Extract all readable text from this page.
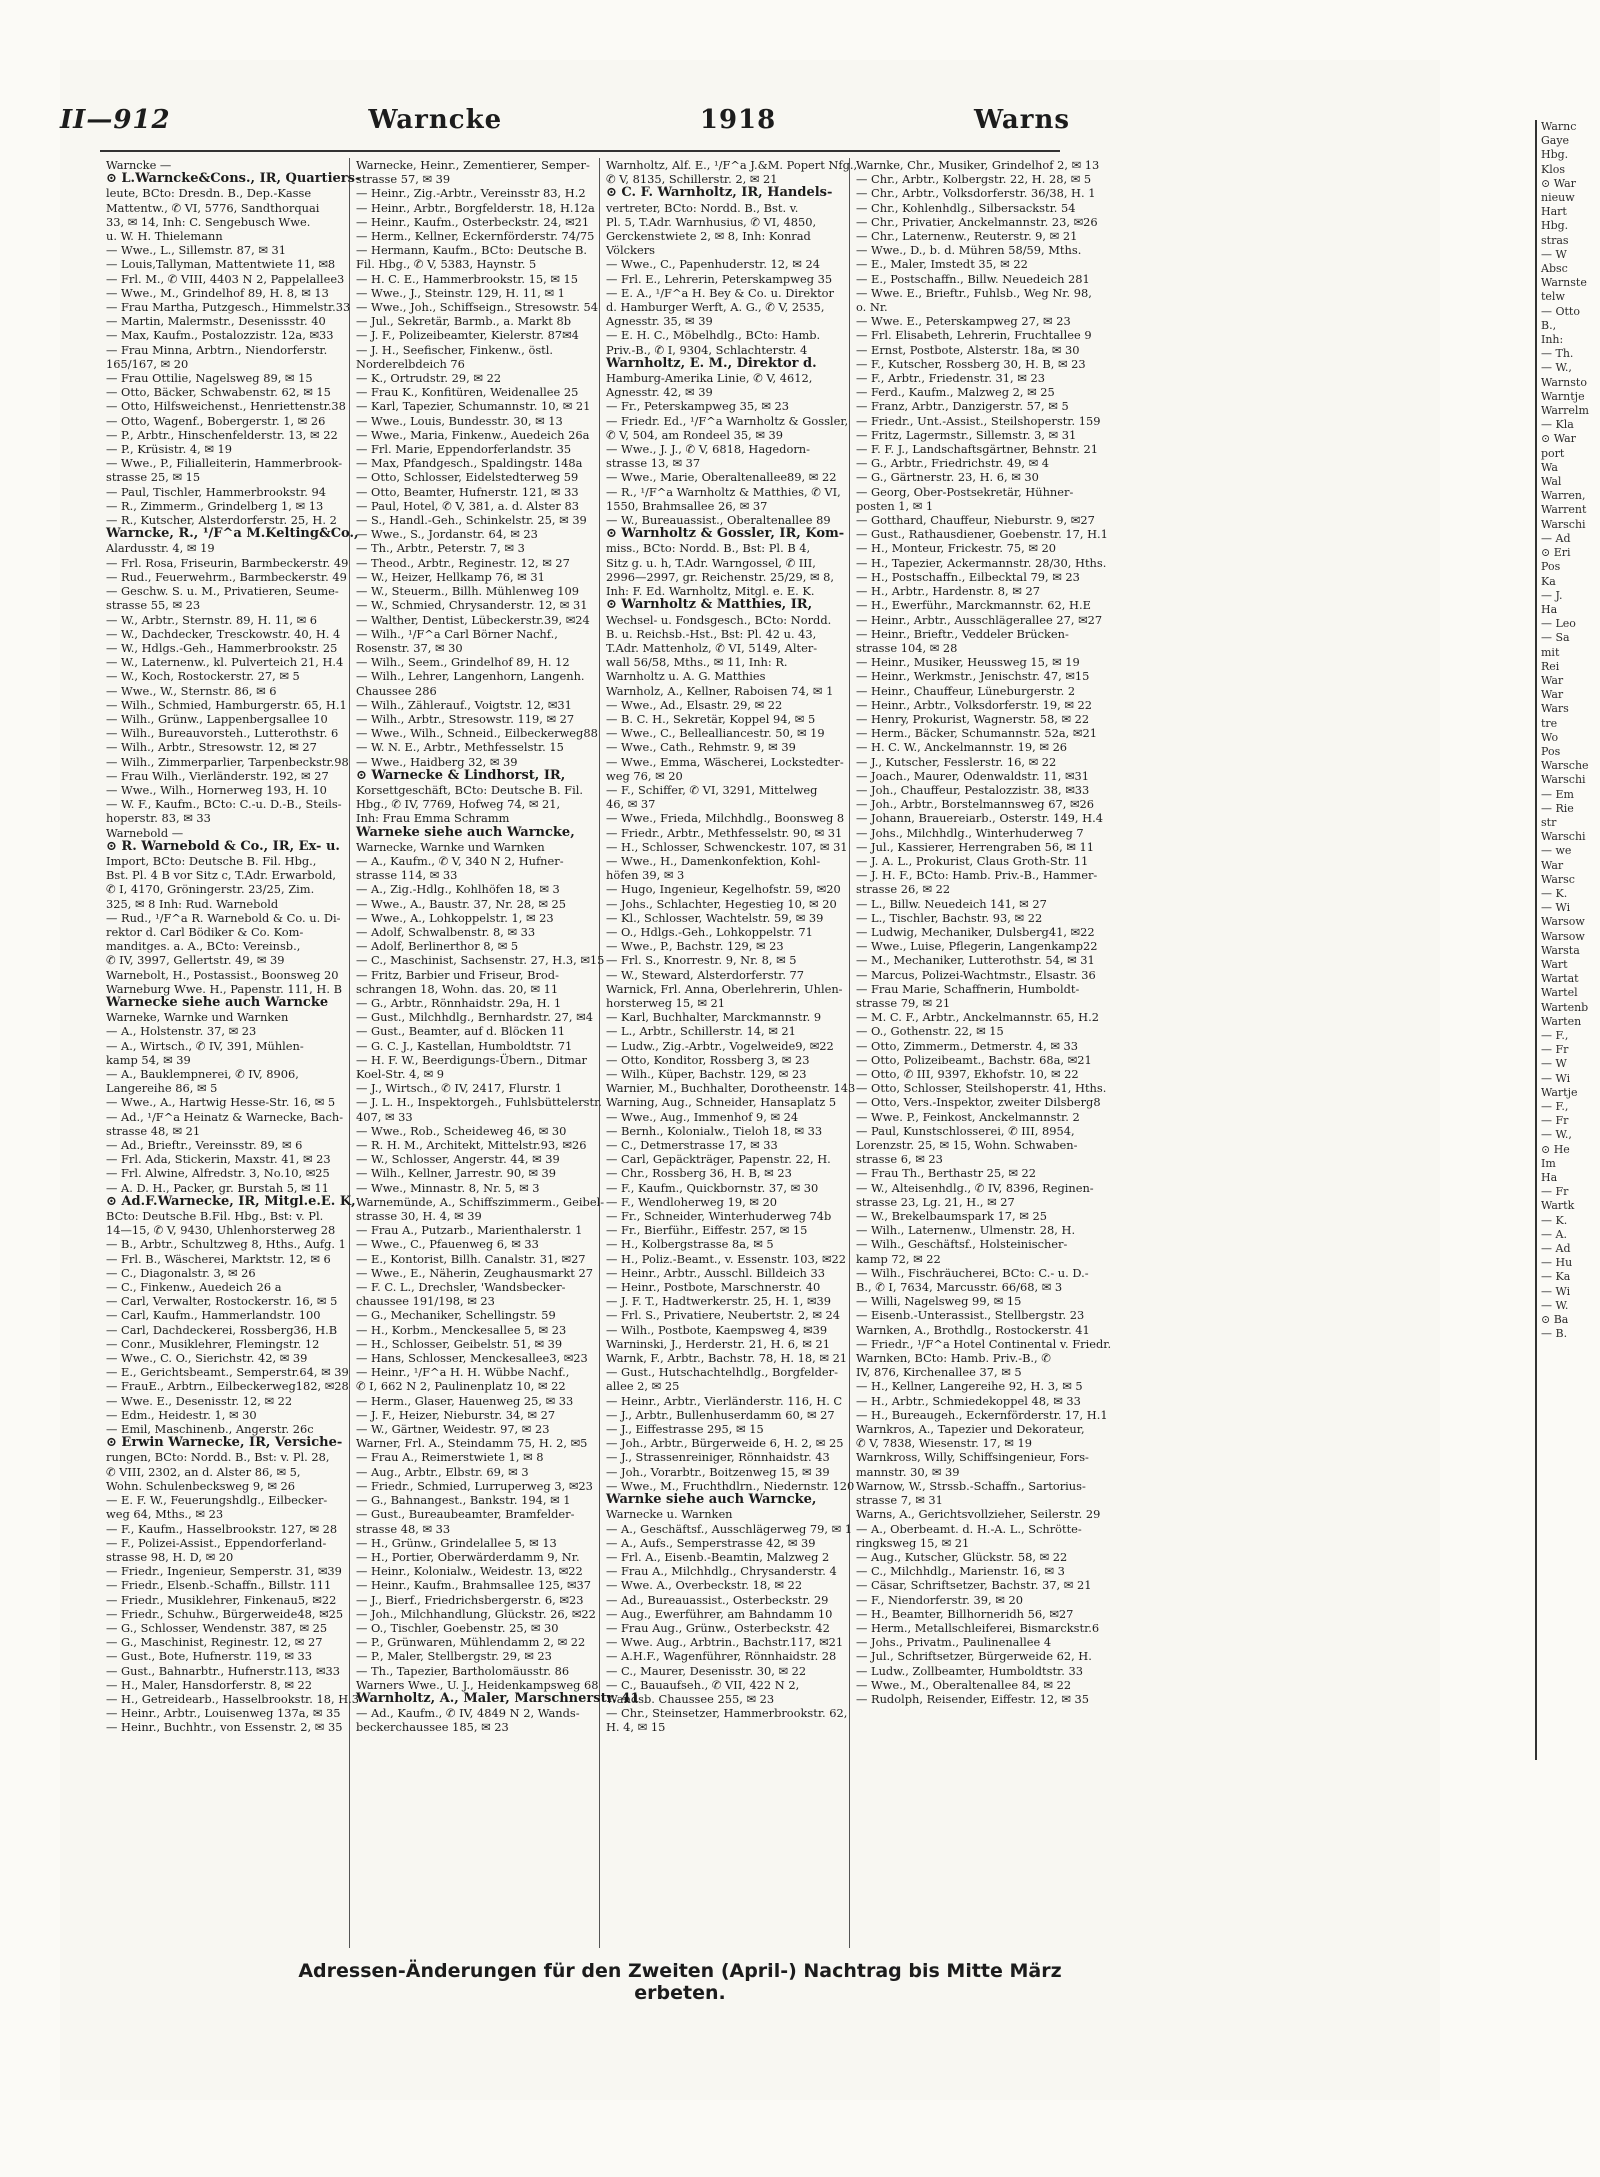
II—912	Warncke	1918	Warns
Warncke —
⊙ L.Warncke&Cons., IR, Quartiers-
leute, BCto: Dresdn. B., Dep.-Kasse
Mattentw., ✆ VI, 5776, Sandthorquai
33, ✉ 14, Inh: C. Sengebusch Wwe.
u. W. H. Thielemann
— Wwe., L., Sillemstr. 87, ✉ 31
— Louis,Tallyman, Mattentwiete 11, ✉8
— Frl. M., ✆ VIII, 4403 N 2, Pappelallee3
— Wwe., M., Grindelhof 89, H. 8, ✉ 13
— Frau Martha, Putzgesch., Himmelstr.33
— Martin, Malermstr., Desenissstr. 40
— Max, Kaufm., Postalozzistr. 12a, ✉33
— Frau Minna, Arbtrn., Niendorferstr.
165/167, ✉ 20
— Frau Ottilie, Nagelsweg 89, ✉ 15
— Otto, Bäcker, Schwabenstr. 62, ✉ 15
— Otto, Hilfsweichenst., Henriettenstr.38
— Otto, Wagenf., Bobergerstr. 1, ✉ 26
— P., Arbtr., Hinschenfelderstr. 13, ✉ 22
— P., Krüsistr. 4, ✉ 19
— Wwe., P., Filialleiterin, Hammerbrook-
strasse 25, ✉ 15
— Paul, Tischler, Hammerbrookstr. 94
— R., Zimmerm., Grindelberg 1, ✉ 13
— R., Kutscher, Alsterdorferstr. 25, H. 2
Warncke, R., ¹/F^a M.Kelting&Co.,
Alardusstr. 4, ✉ 19
— Frl. Rosa, Friseurin, Barmbeckerstr. 49
— Rud., Feuerwehrm., Barmbeckerstr. 49
— Geschw. S. u. M., Privatieren, Seume-
strasse 55, ✉ 23
— W., Arbtr., Sternstr. 89, H. 11, ✉ 6
— W., Dachdecker, Tresckowstr. 40, H. 4
— W., Hdlgs.-Geh., Hammerbrookstr. 25
— W., Laternenw., kl. Pulverteich 21, H.4
— W., Koch, Rostockerstr. 27, ✉ 5
— Wwe., W., Sternstr. 86, ✉ 6
— Wilh., Schmied, Hamburgerstr. 65, H.1
— Wilh., Grünw., Lappenbergsallee 10
— Wilh., Bureauvorsteh., Lutterothstr. 6
— Wilh., Arbtr., Stresowstr. 12, ✉ 27
— Wilh., Zimmerparlier, Tarpenbeckstr.98
— Frau Wilh., Vierländerstr. 192, ✉ 27
— Wwe., Wilh., Hornerweg 193, H. 10
— W. F., Kaufm., BCto: C.-u. D.-B., Steils-
hoperstr. 83, ✉ 33
Warnebold —
⊙ R. Warnebold & Co., IR, Ex- u.
Import, BCto: Deutsche B. Fil. Hbg.,
Bst. Pl. 4 B vor Sitz c, T.Adr. Erwarbold,
✆ I, 4170, Gröningerstr. 23/25, Zim.
325, ✉ 8 Inh: Rud. Warnebold
— Rud., ¹/F^a R. Warnebold & Co. u. Di-
rektor d. Carl Bödiker & Co. Kom-
manditges. a. A., BCto: Vereinsb.,
✆ IV, 3997, Gellertstr. 49, ✉ 39
Warnebolt, H., Postassist., Boonsweg 20
Warneburg Wwe. H., Papenstr. 111, H. B
Warnecke siehe auch Warncke
Warneke, Warnke und Warnken
— A., Holstenstr. 37, ✉ 23
— A., Wirtsch., ✆ IV, 391, Mühlen-
kamp 54, ✉ 39
— A., Bauklempnerei, ✆ IV, 8906,
Langereihe 86, ✉ 5
— Wwe., A., Hartwig Hesse-Str. 16, ✉ 5
— Ad., ¹/F^a Heinatz & Warnecke, Bach-
strasse 48, ✉ 21
— Ad., Brieftr., Vereinsstr. 89, ✉ 6
— Frl. Ada, Stickerin, Maxstr. 41, ✉ 23
— Frl. Alwine, Alfredstr. 3, No.10, ✉25
— A. D. H., Packer, gr. Burstah 5, ✉ 11
⊙ Ad.F.Warnecke, IR, Mitgl.e.E. K,
BCto: Deutsche B.Fil. Hbg., Bst: v. Pl.
14—15, ✆ V, 9430, Uhlenhorsterweg 28
— B., Arbtr., Schultzweg 8, Hths., Aufg. 1
— Frl. B., Wäscherei, Marktstr. 12, ✉ 6
— C., Diagonalstr. 3, ✉ 26
— C., Finkenw., Auedeich 26 a
— Carl, Verwalter, Rostockerstr. 16, ✉ 5
— Carl, Kaufm., Hammerlandstr. 100
— Carl, Dachdeckerei, Rossberg36, H.B
— Conr., Musiklehrer, Flemingstr. 12
— Wwe., C. O., Sierichstr. 42, ✉ 39
— E., Gerichtsbeamt., Semperstr.64, ✉ 39
— FrauE., Arbtrn., Eilbeckerweg182, ✉28
— Wwe. E., Desenisstr. 12, ✉ 22
— Edm., Heidestr. 1, ✉ 30
— Emil, Maschinenb., Angerstr. 26c
⊙ Erwin Warnecke, IR, Versiche-
rungen, BCto: Nordd. B., Bst: v. Pl. 28,
✆ VIII, 2302, an d. Alster 86, ✉ 5,
Wohn. Schulenbecksweg 9, ✉ 26
— E. F. W., Feuerungshdlg., Eilbecker-
weg 64, Mths., ✉ 23
— F., Kaufm., Hasselbrookstr. 127, ✉ 28
— F., Polizei-Assist., Eppendorferland-
strasse 98, H. D, ✉ 20
— Friedr., Ingenieur, Semperstr. 31, ✉39
— Friedr., Elsenb.-Schaffn., Billstr. 111
— Friedr., Musiklehrer, Finkenau5, ✉22
— Friedr., Schuhw., Bürgerweide48, ✉25
— G., Schlosser, Wendenstr. 387, ✉ 25
— G., Maschinist, Reginestr. 12, ✉ 27
— Gust., Bote, Hufnerstr. 119, ✉ 33
— Gust., Bahnarbtr., Hufnerstr.113, ✉33
— H., Maler, Hansdorferstr. 8, ✉ 22
— H., Getreidearb., Hasselbrookstr. 18, H.3
— Heinr., Arbtr., Louisenweg 137a, ✉ 35
— Heinr., Buchhtr., von Essenstr. 2, ✉ 35
Warnecke, Heinr., Zementierer, Semper-
strasse 57, ✉ 39
— Heinr., Zig.-Arbtr., Vereinsstr 83, H.2
— Heinr., Arbtr., Borgfelderstr. 18, H.12a
— Heinr., Kaufm., Osterbeckstr. 24, ✉21
— Herm., Kellner, Eckernförderstr. 74/75
— Hermann, Kaufm., BCto: Deutsche B.
Fil. Hbg., ✆ V, 5383, Haynstr. 5
— H. C. E., Hammerbrookstr. 15, ✉ 15
— Wwe., J., Steinstr. 129, H. 11, ✉ 1
— Wwe., Joh., Schiffseign., Stresowstr. 54
— Jul., Sekretär, Barmb., a. Markt 8b
— J. F., Polizeibeamter, Kielerstr. 87✉4
— J. H., Seefischer, Finkenw., östl.
Norderelbdeich 76
— K., Ortrudstr. 29, ✉ 22
— Frau K., Konfitüren, Weidenallee 25
— Karl, Tapezier, Schumannstr. 10, ✉ 21
— Wwe., Louis, Bundesstr. 30, ✉ 13
— Wwe., Maria, Finkenw., Auedeich 26a
— Frl. Marie, Eppendorferlandstr. 35
— Max, Pfandgesch., Spaldingstr. 148a
— Otto, Schlosser, Eidelstedterweg 59
— Otto, Beamter, Hufnerstr. 121, ✉ 33
— Paul, Hotel, ✆ V, 381, a. d. Alster 83
— S., Handl.-Geh., Schinkelstr. 25, ✉ 39
— Wwe., S., Jordanstr. 64, ✉ 23
— Th., Arbtr., Peterstr. 7, ✉ 3
— Theod., Arbtr., Reginestr. 12, ✉ 27
— W., Heizer, Hellkamp 76, ✉ 31
— W., Steuerm., Billh. Mühlenweg 109
— W., Schmied, Chrysanderstr. 12, ✉ 31
— Walther, Dentist, Lübeckerstr.39, ✉24
— Wilh., ¹/F^a Carl Börner Nachf.,
Rosenstr. 37, ✉ 30
— Wilh., Seem., Grindelhof 89, H. 12
— Wilh., Lehrer, Langenhorn, Langenh.
Chaussee 286
— Wilh., Zählerauf., Voigtstr. 12, ✉31
— Wilh., Arbtr., Stresowstr. 119, ✉ 27
— Wwe., Wilh., Schneid., Eilbeckerweg88
— W. N. E., Arbtr., Methfesselstr. 15
— Wwe., Haidberg 32, ✉ 39
⊙ Warnecke & Lindhorst, IR,
Korsettgeschäft, BCto: Deutsche B. Fil.
Hbg., ✆ IV, 7769, Hofweg 74, ✉ 21,
Inh: Frau Emma Schramm
Warneke siehe auch Warncke,
Warnecke, Warnke und Warnken
— A., Kaufm., ✆ V, 340 N 2, Hufner-
strasse 114, ✉ 33
— A., Zig.-Hdlg., Kohlhöfen 18, ✉ 3
— Wwe., A., Baustr. 37, Nr. 28, ✉ 25
— Wwe., A., Lohkoppelstr. 1, ✉ 23
— Adolf, Schwalbenstr. 8, ✉ 33
— Adolf, Berlinerthor 8, ✉ 5
— C., Maschinist, Sachsenstr. 27, H.3, ✉15
— Fritz, Barbier und Friseur, Brod-
schrangen 18, Wohn. das. 20, ✉ 11
— G., Arbtr., Rönnhaidstr. 29a, H. 1
— Gust., Milchhdlg., Bernhardstr. 27, ✉4
— Gust., Beamter, auf d. Blöcken 11
— G. C. J., Kastellan, Humboldtstr. 71
— H. F. W., Beerdigungs-Übern., Ditmar
Koel-Str. 4, ✉ 9
— J., Wirtsch., ✆ IV, 2417, Flurstr. 1
— J. L. H., Inspektorgeh., Fuhlsbüttelerstr.
407, ✉ 33
— Wwe., Rob., Scheideweg 46, ✉ 30
— R. H. M., Architekt, Mittelstr.93, ✉26
— W., Schlosser, Angerstr. 44, ✉ 39
— Wilh., Kellner, Jarrestr. 90, ✉ 39
— Wwe., Minnastr. 8, Nr. 5, ✉ 3
Warnemünde, A., Schiffszimmerm., Geibel-
strasse 30, H. 4, ✉ 39
— Frau A., Putzarb., Marienthalerstr. 1
— Wwe., C., Pfauenweg 6, ✉ 33
— E., Kontorist, Billh. Canalstr. 31, ✉27
— Wwe., E., Näherin, Zeughausmarkt 27
— F. C. L., Drechsler, 'Wandsbecker-
chaussee 191/198, ✉ 23
— G., Mechaniker, Schellingstr. 59
— H., Korbm., Menckesallee 5, ✉ 23
— H., Schlosser, Geibelstr. 51, ✉ 39
— Hans, Schlosser, Menckesallee3, ✉23
— Heinr., ¹/F^a H. H. Wübbe Nachf.,
✆ I, 662 N 2, Paulinenplatz 10, ✉ 22
— Herm., Glaser, Hauenweg 25, ✉ 33
— J. F., Heizer, Nieburstr. 34, ✉ 27
— W., Gärtner, Weidestr. 97, ✉ 23
Warner, Frl. A., Steindamm 75, H. 2, ✉5
— Frau A., Reimerstwiete 1, ✉ 8
— Aug., Arbtr., Elbstr. 69, ✉ 3
— Friedr., Schmied, Lurruperweg 3, ✉23
— G., Bahnangest., Bankstr. 194, ✉ 1
— Gust., Bureaubeamter, Bramfelder-
strasse 48, ✉ 33
— H., Grünw., Grindelallee 5, ✉ 13
— H., Portier, Oberwärderdamm 9, Nr.
— Heinr., Kolonialw., Weidestr. 13, ✉22
— Heinr., Kaufm., Brahmsallee 125, ✉37
— J., Bierf., Friedrichsbergerstr. 6, ✉23
— Joh., Milchhandlung, Glückstr. 26, ✉22
— O., Tischler, Goebenstr. 25, ✉ 30
— P., Grünwaren, Mühlendamm 2, ✉ 22
— P., Maler, Stellbergstr. 29, ✉ 23
— Th., Tapezier, Bartholomäusstr. 86
Warners Wwe., U. J., Heidenkampsweg 68
Warnholtz, A., Maler, Marschnerstr. 41
— Ad., Kaufm., ✆ IV, 4849 N 2, Wands-
beckerchaussee 185, ✉ 23
Warnholtz, Alf. E., ¹/F^a J.&M. Popert Nfg.,
✆ V, 8135, Schillerstr. 2, ✉ 21
⊙ C. F. Warnholtz, IR, Handels-
vertreter, BCto: Nordd. B., Bst. v.
Pl. 5, T.Adr. Warnhusius, ✆ VI, 4850,
Gerckenstwiete 2, ✉ 8, Inh: Konrad
Völckers
— Wwe., C., Papenhuderstr. 12, ✉ 24
— Frl. E., Lehrerin, Peterskampweg 35
— E. A., ¹/F^a H. Bey & Co. u. Direktor
d. Hamburger Werft, A. G., ✆ V, 2535,
Agnesstr. 35, ✉ 39
— E. H. C., Möbelhdlg., BCto: Hamb.
Priv.-B., ✆ I, 9304, Schlachterstr. 4
Warnholtz, E. M., Direktor d.
Hamburg-Amerika Linie, ✆ V, 4612,
Agnesstr. 42, ✉ 39
— Fr., Peterskampweg 35, ✉ 23
— Friedr. Ed., ¹/F^a Warnholtz & Gossler,
✆ V, 504, am Rondeel 35, ✉ 39
— Wwe., J. J., ✆ V, 6818, Hagedorn-
strasse 13, ✉ 37
— Wwe., Marie, Oberaltenallee89, ✉ 22
— R., ¹/F^a Warnholtz & Matthies, ✆ VI,
1550, Brahmsallee 26, ✉ 37
— W., Bureauassist., Oberaltenallee 89
⊙ Warnholtz & Gossler, IR, Kom-
miss., BCto: Nordd. B., Bst: Pl. B 4,
Sitz g. u. h, T.Adr. Warngossel, ✆ III,
2996—2997, gr. Reichenstr. 25/29, ✉ 8,
Inh: F. Ed. Warnholtz, Mitgl. e. E. K.
⊙ Warnholtz & Matthies, IR,
Wechsel- u. Fondsgesch., BCto: Nordd.
B. u. Reichsb.-Hst., Bst: Pl. 42 u. 43,
T.Adr. Mattenholz, ✆ VI, 5149, Alter-
wall 56/58, Mths., ✉ 11, Inh: R.
Warnholtz u. A. G. Matthies
Warnholz, A., Kellner, Raboisen 74, ✉ 1
— Wwe., Ad., Elsastr. 29, ✉ 22
— B. C. H., Sekretär, Koppel 94, ✉ 5
— Wwe., C., Bellealliancestr. 50, ✉ 19
— Wwe., Cath., Rehmstr. 9, ✉ 39
— Wwe., Emma, Wäscherei, Lockstedter-
weg 76, ✉ 20
— F., Schiffer, ✆ VI, 3291, Mittelweg
46, ✉ 37
— Wwe., Frieda, Milchhdlg., Boonsweg 8
— Friedr., Arbtr., Methfesselstr. 90, ✉ 31
— H., Schlosser, Schwenckestr. 107, ✉ 31
— Wwe., H., Damenkonfektion, Kohl-
höfen 39, ✉ 3
— Hugo, Ingenieur, Kegelhofstr. 59, ✉20
— Johs., Schlachter, Hegestieg 10, ✉ 20
— Kl., Schlosser, Wachtelstr. 59, ✉ 39
— O., Hdlgs.-Geh., Lohkoppelstr. 71
— Wwe., P., Bachstr. 129, ✉ 23
— Frl. S., Knorrestr. 9, Nr. 8, ✉ 5
— W., Steward, Alsterdorferstr. 77
Warnick, Frl. Anna, Oberlehrerin, Uhlen-
horsterweg 15, ✉ 21
— Karl, Buchhalter, Marckmannstr. 9
— L., Arbtr., Schillerstr. 14, ✉ 21
— Ludw., Zig.-Arbtr., Vogelweide9, ✉22
— Otto, Konditor, Rossberg 3, ✉ 23
— Wilh., Küper, Bachstr. 129, ✉ 23
Warnier, M., Buchhalter, Dorotheenstr. 143
Warning, Aug., Schneider, Hansaplatz 5
— Wwe., Aug., Immenhof 9, ✉ 24
— Bernh., Kolonialw., Tieloh 18, ✉ 33
— C., Detmerstrasse 17, ✉ 33
— Carl, Gepäckträger, Papenstr. 22, H.
— Chr., Rossberg 36, H. B, ✉ 23
— F., Kaufm., Quickbornstr. 37, ✉ 30
— F., Wendloherweg 19, ✉ 20
— Fr., Schneider, Winterhuderweg 74b
— Fr., Bierführ., Eiffestr. 257, ✉ 15
— H., Kolbergstrasse 8a, ✉ 5
— H., Poliz.-Beamt., v. Essenstr. 103, ✉22
— Heinr., Arbtr., Ausschl. Billdeich 33
— Heinr., Postbote, Marschnerstr. 40
— J. F. T., Hadtwerkerstr. 25, H. 1, ✉39
— Frl. S., Privatiere, Neubertstr. 2, ✉ 24
— Wilh., Postbote, Kaempsweg 4, ✉39
Warninski, J., Herderstr. 21, H. 6, ✉ 21
Warnk, F., Arbtr., Bachstr. 78, H. 18, ✉ 21
— Gust., Hutschachtelhdlg., Borgfelder-
allee 2, ✉ 25
— Heinr., Arbtr., Vierländerstr. 116, H. C
— J., Arbtr., Bullenhuserdamm 60, ✉ 27
— J., Eiffestrasse 295, ✉ 15
— Joh., Arbtr., Bürgerweide 6, H. 2, ✉ 25
— J., Strassenreiniger, Rönnhaidstr. 43
— Joh., Vorarbtr., Boitzenweg 15, ✉ 39
— Wwe., M., Fruchthdlrn., Niedernstr. 120
Warnke siehe auch Warncke,
Warnecke u. Warnken
— A., Geschäftsf., Ausschlägerweg 79, ✉ 1
— A., Aufs., Semperstrasse 42, ✉ 39
— Frl. A., Eisenb.-Beamtin, Malzweg 2
— Frau A., Milchhdlg., Chrysanderstr. 4
— Wwe. A., Overbeckstr. 18, ✉ 22
— Ad., Bureauassist., Osterbeckstr. 29
— Aug., Ewerführer, am Bahndamm 10
— Frau Aug., Grünw., Osterbeckstr. 42
— Wwe. Aug., Arbtrin., Bachstr.117, ✉21
— A.H.F., Wagenführer, Rönnhaidstr. 28
— C., Maurer, Desenisstr. 30, ✉ 22
— C., Bauaufseh., ✆ VII, 422 N 2,
Wandsb. Chaussee 255, ✉ 23
— Chr., Steinsetzer, Hammerbrookstr. 62,
H. 4, ✉ 15
Warnke, Chr., Musiker, Grindelhof 2, ✉ 13
— Chr., Arbtr., Kolbergstr. 22, H. 28, ✉ 5
— Chr., Arbtr., Volksdorferstr. 36/38, H. 1
— Chr., Kohlenhdlg., Silbersackstr. 54
— Chr., Privatier, Anckelmannstr. 23, ✉26
— Chr., Laternenw., Reuterstr. 9, ✉ 21
— Wwe., D., b. d. Mühren 58/59, Mths.
— E., Maler, Imstedt 35, ✉ 22
— E., Postschaffn., Billw. Neuedeich 281
— Wwe. E., Brieftr., Fuhlsb., Weg Nr. 98,
o. Nr.
— Wwe. E., Peterskampweg 27, ✉ 23
— Frl. Elisabeth, Lehrerin, Fruchtallee 9
— Ernst, Postbote, Alsterstr. 18a, ✉ 30
— F., Kutscher, Rossberg 30, H. B, ✉ 23
— F., Arbtr., Friedenstr. 31, ✉ 23
— Ferd., Kaufm., Malzweg 2, ✉ 25
— Franz, Arbtr., Danzigerstr. 57, ✉ 5
— Friedr., Unt.-Assist., Steilshoperstr. 159
— Fritz, Lagermstr., Sillemstr. 3, ✉ 31
— F. F. J., Landschaftsgärtner, Behnstr. 21
— G., Arbtr., Friedrichstr. 49, ✉ 4
— G., Gärtnerstr. 23, H. 6, ✉ 30
— Georg, Ober-Postsekretär, Hühner-
posten 1, ✉ 1
— Gotthard, Chauffeur, Nieburstr. 9, ✉27
— Gust., Rathausdiener, Goebenstr. 17, H.1
— H., Monteur, Frickestr. 75, ✉ 20
— H., Tapezier, Ackermannstr. 28/30, Hths.
— H., Postschaffn., Eilbecktal 79, ✉ 23
— H., Arbtr., Hardenstr. 8, ✉ 27
— H., Ewerführ., Marckmannstr. 62, H.E
— Heinr., Arbtr., Ausschlägerallee 27, ✉27
— Heinr., Brieftr., Veddeler Brücken-
strasse 104, ✉ 28
— Heinr., Musiker, Heussweg 15, ✉ 19
— Heinr., Werkmstr., Jenischstr. 47, ✉15
— Heinr., Chauffeur, Lüneburgerstr. 2
— Heinr., Arbtr., Volksdorferstr. 19, ✉ 22
— Henry, Prokurist, Wagnerstr. 58, ✉ 22
— Herm., Bäcker, Schumannstr. 52a, ✉21
— H. C. W., Anckelmannstr. 19, ✉ 26
— J., Kutscher, Fesslerstr. 16, ✉ 22
— Joach., Maurer, Odenwaldstr. 11, ✉31
— Joh., Chauffeur, Pestalozzistr. 38, ✉33
— Joh., Arbtr., Borstelmannsweg 67, ✉26
— Johann, Brauereiarb., Osterstr. 149, H.4
— Johs., Milchhdlg., Winterhuderweg 7
— Jul., Kassierer, Herrengraben 56, ✉ 11
— J. A. L., Prokurist, Claus Groth-Str. 11
— J. H. F., BCto: Hamb. Priv.-B., Hammer-
strasse 26, ✉ 22
— L., Billw. Neuedeich 141, ✉ 27
— L., Tischler, Bachstr. 93, ✉ 22
— Ludwig, Mechaniker, Dulsberg41, ✉22
— Wwe., Luise, Pflegerin, Langenkamp22
— M., Mechaniker, Lutterothstr. 54, ✉ 31
— Marcus, Polizei-Wachtmstr., Elsastr. 36
— Frau Marie, Schaffnerin, Humboldt-
strasse 79, ✉ 21
— M. C. F., Arbtr., Anckelmannstr. 65, H.2
— O., Gothenstr. 22, ✉ 15
— Otto, Zimmerm., Detmerstr. 4, ✉ 33
— Otto, Polizeibeamt., Bachstr. 68a, ✉21
— Otto, ✆ III, 9397, Ekhofstr. 10, ✉ 22
— Otto, Schlosser, Steilshoperstr. 41, Hths.
— Otto, Vers.-Inspektor, zweiter Dilsberg8
— Wwe. P., Feinkost, Anckelmannstr. 2
— Paul, Kunstschlosserei, ✆ III, 8954,
Lorenzstr. 25, ✉ 15, Wohn. Schwaben-
strasse 6, ✉ 23
— Frau Th., Berthastr 25, ✉ 22
— W., Alteisenhdlg., ✆ IV, 8396, Reginen-
strasse 23, Lg. 21, H., ✉ 27
— W., Brekelbaumspark 17, ✉ 25
— Wilh., Laternenw., Ulmenstr. 28, H.
— Wilh., Geschäftsf., Holsteinischer-
kamp 72, ✉ 22
— Wilh., Fischräucherei, BCto: C.- u. D.-
B., ✆ I, 7634, Marcusstr. 66/68, ✉ 3
— Willi, Nagelsweg 99, ✉ 15
— Eisenb.-Unterassist., Stellbergstr. 23
Warnken, A., Brothdlg., Rostockerstr. 41
— Friedr., ¹/F^a Hotel Continental v. Friedr.
Warnken, BCto: Hamb. Priv.-B., ✆
IV, 876, Kirchenallee 37, ✉ 5
— H., Kellner, Langereihe 92, H. 3, ✉ 5
— H., Arbtr., Schmiedekoppel 48, ✉ 33
— H., Bureaugeh., Eckernförderstr. 17, H.1
Warnkros, A., Tapezier und Dekorateur,
✆ V, 7838, Wiesenstr. 17, ✉ 19
Warnkross, Willy, Schiffsingenieur, Fors-
mannstr. 30, ✉ 39
Warnow, W., Strssb.-Schaffn., Sartorius-
strasse 7, ✉ 31
Warns, A., Gerichtsvollzieher, Seilerstr. 29
— A., Oberbeamt. d. H.-A. L., Schrötte-
ringksweg 15, ✉ 21
— Aug., Kutscher, Glückstr. 58, ✉ 22
— C., Milchhdlg., Marienstr. 16, ✉ 3
— Cäsar, Schriftsetzer, Bachstr. 37, ✉ 21
— F., Niendorferstr. 39, ✉ 20
— H., Beamter, Billhorneridh 56, ✉27
— Herm., Metallschleiferei, Bismarckstr.6
— Johs., Privatm., Paulinenallee 4
— Jul., Schriftsetzer, Bürgerweide 62, H.
— Ludw., Zollbeamter, Humboldtstr. 33
— Wwe., M., Oberaltenallee 84, ✉ 22
— Rudolph, Reisender, Eiffestr. 12, ✉ 35
Warnc
Gaye
Hbg.
Klos
⊙ War
nieuw
Hart
Hbg.
stras
— W
Absc
Warnste
telw
— Otto
B.,
Inh:
— Th.
— W.,
Warnsto
Warntje
Warrelm
— Kla
⊙ War
port
Wa
Wal
Warren,
Warrent
Warschi
— Ad
⊙ Eri
Pos
Ka
— J.
Ha
— Leo
— Sa
mit
Rei
War
War
Wars
tre
Wo
Pos
Warsche
Warschi
— Em
— Rie
str
Warschi
— we
War
Warsc
— K.
— Wi
Warsow
Warsow
Warsta
Wart
Wartat
Wartel
Wartenb
Warten
— F.,
— Fr
— W
— Wi
Wartje
— F.,
— Fr
— W.,
⊙ He
Im
Ha
— Fr
Wartk
— K.
— A.
— Ad
— Hu
— Ka
— Wi
— W.
⊙ Ba
— B.
Adressen-Änderungen für den Zweiten (April-) Nachtrag bis Mitte März erbeten.
